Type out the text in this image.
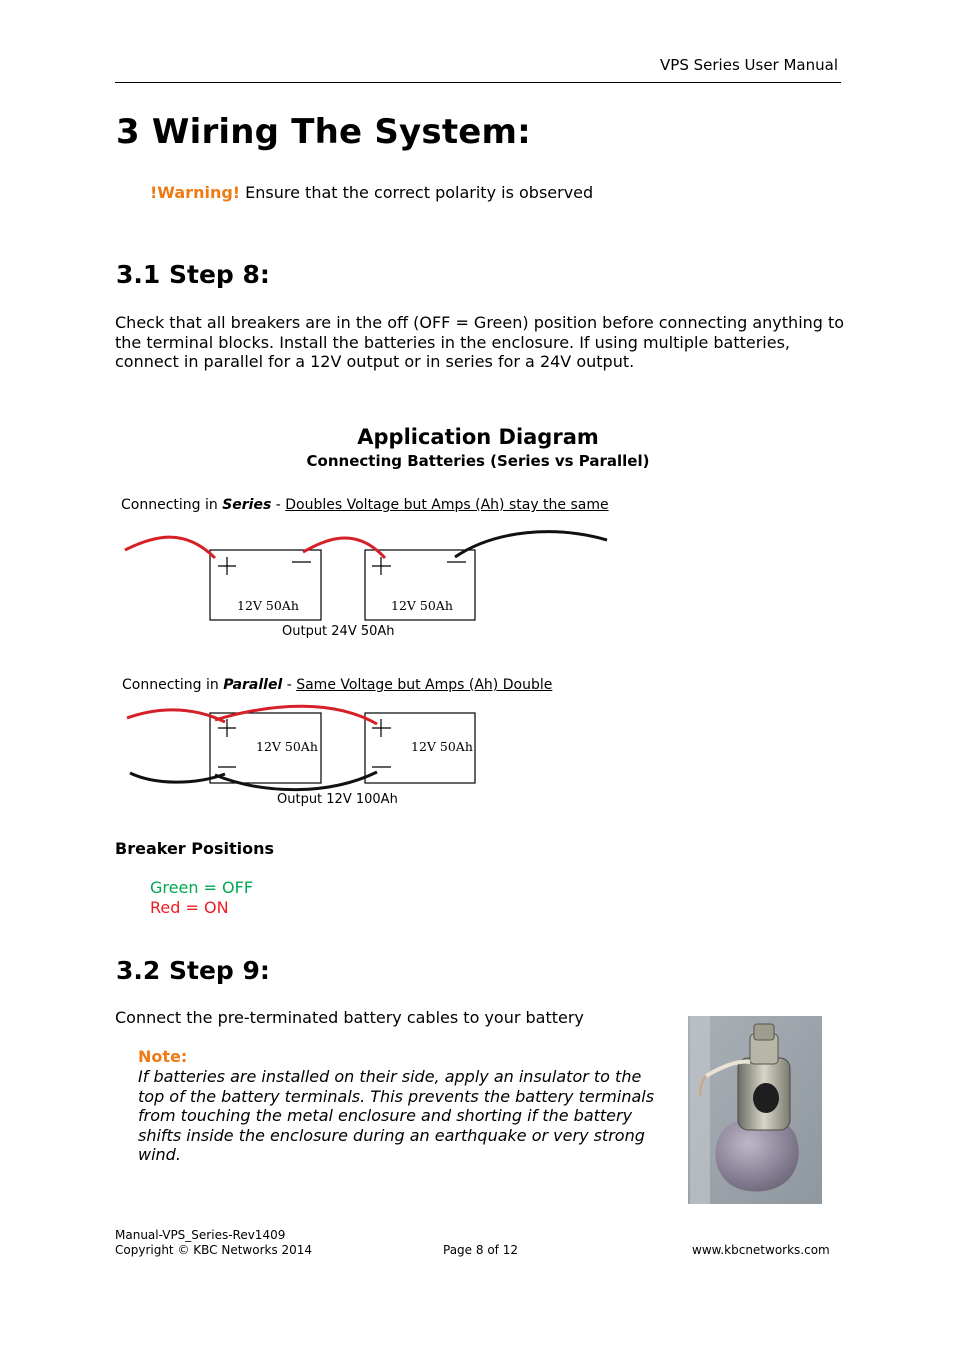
VPS Series User Manual
3 Wiring The System:
!Warning! Ensure that the correct polarity is observed
3.1 Step 8:
Check that all breakers are in the off (OFF = Green) position before connecting anything to the terminal blocks. Install the batteries in the enclosure. If using multiple batteries, connect in parallel for a 12V output or in series for a 24V output.
Application Diagram
Connecting Batteries (Series vs Parallel)
Connecting in Series - Doubles Voltage but Amps (Ah) stay the same
Connecting in Parallel - Same Voltage but Amps (Ah) Double
12V 50Ah	12V 50Ah
Output 24V 50Ah
12V 50Ah	12V 50Ah
Output 12V 100Ah
Breaker Positions
Green = OFF
Red = ON
3.2 Step 9:
Connect the pre-terminated battery cables to your battery
Note:
If batteries are installed on their side, apply an insulator to the top of the battery terminals. This prevents the battery terminals from touching the metal enclosure and shorting if the battery shifts inside the enclosure during an earthquake or very strong wind.
Manual-VPS_Series-Rev1409
Copyright © KBC Networks 2014	Page 8 of 12	www.kbcnetworks.com
